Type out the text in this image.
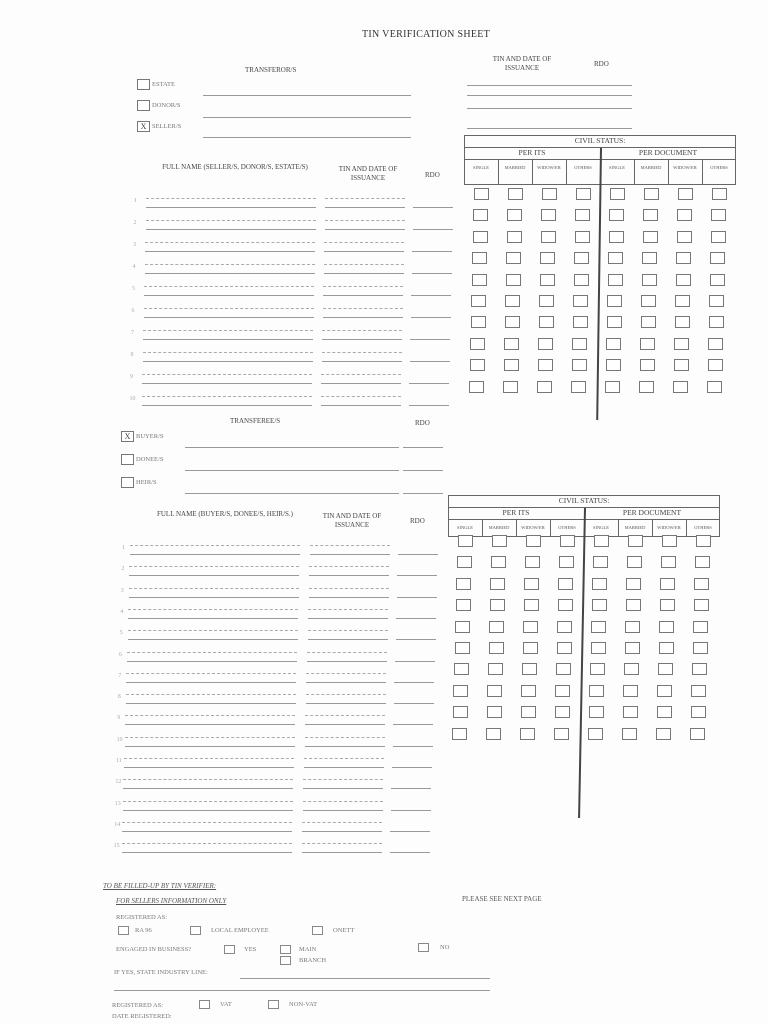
TIN VERIFICATION SHEET
TRANSFEROR/S
TIN AND DATE OF ISSUANCE	RDO
ESTATE
DONOR/S
X SELLER/S
FULL NAME (SELLER/S, DONOR/S, ESTATE/S)	TIN AND DATE OF ISSUANCE	RDO
1
2
3
4
5
6
7
8
9
10
CIVIL STATUS:
PER ITS	PER DOCUMENT
SINGLE	MARRIED	WIDOW/ER	OTHERS	SINGLE	MARRIED	WIDOW/ER	OTHERS
TRANSFEREE/S	RDO
X BUYER/S
DONEE/S
HEIR/S
FULL NAME (BUYER/S, DONEE/S, HEIR/S.)	TIN AND DATE OF ISSUANCE	RDO
1
2
3
4
5
6
7
8
9
10
11
12
13
14
15
CIVIL STATUS:
PER ITS	PER DOCUMENT
SINGLE	MARRIED	WIDOW/ER	OTHERS	SINGLE	MARRIED	WIDOW/ER	OTHERS
TO BE FILLED-UP BY TIN VERIFIER:
FOR SELLERS INFORMATION ONLY	PLEASE SEE NEXT PAGE
REGISTERED AS:
RA 96	LOCAL EMPLOYEE	ONETT
ENGAGED IN BUSINESS?	YES	MAIN
BRANCH
NO
IF YES, STATE INDUSTRY LINE:
REGISTERED AS:	VAT	NON-VAT
DATE REGISTERED:
